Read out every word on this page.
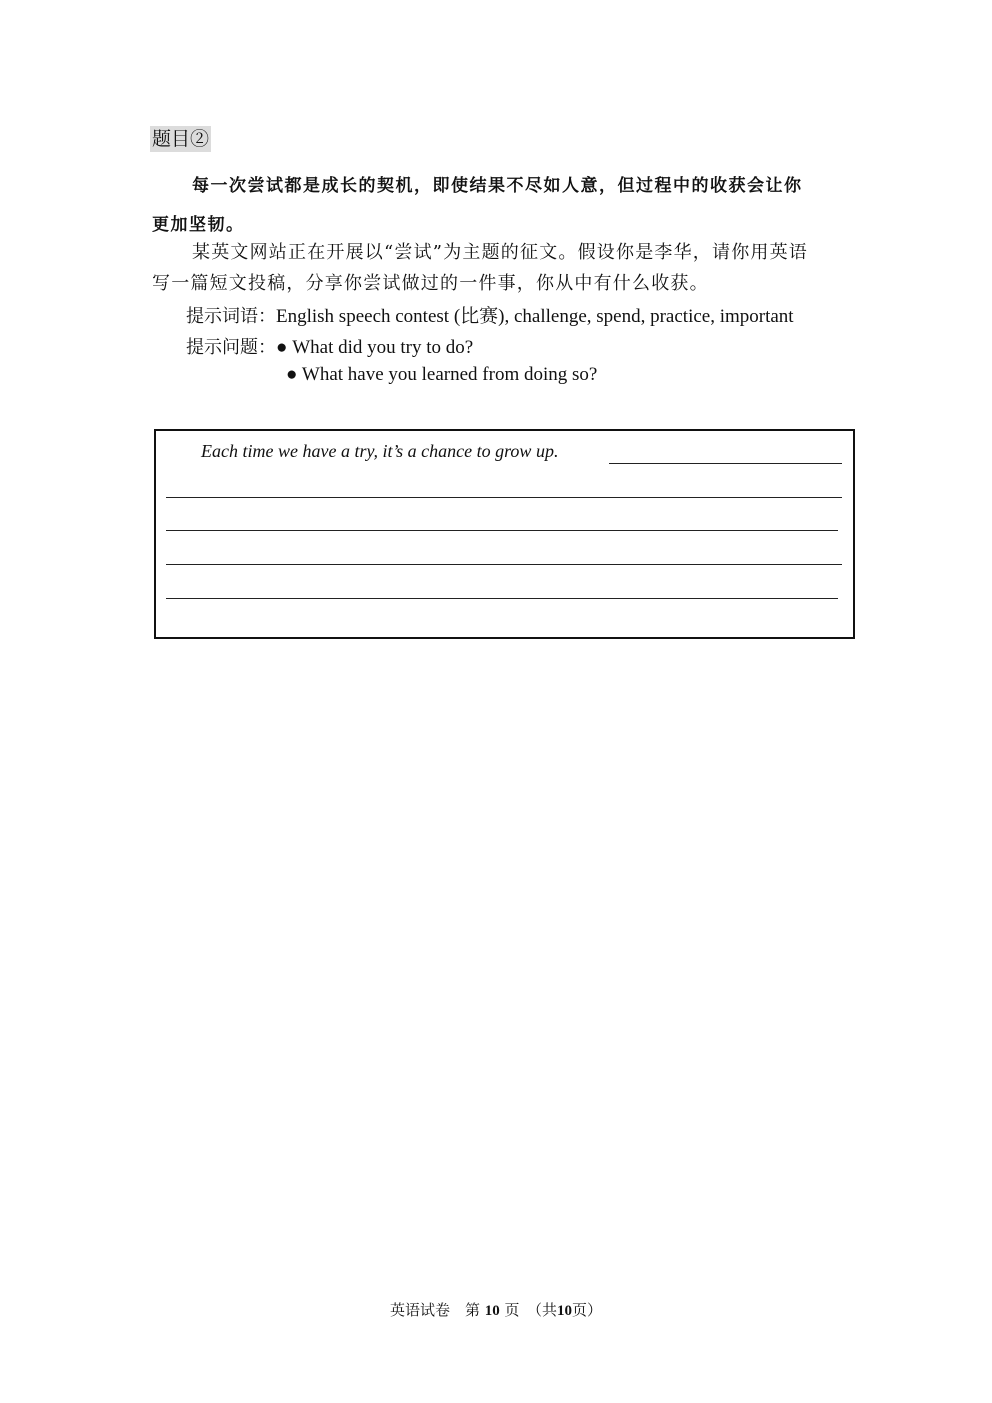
题目②
每一次尝试都是成长的契机，即使结果不尽如人意，但过程中的收获会让你
更加坚韧。
某英文网站正在开展以“尝试”为主题的征文。假设你是李华，请你用英语
写一篇短文投稿，分享你尝试做过的一件事，你从中有什么收获。
提示词语：English speech contest (比赛), challenge, spend, practice, important
提示问题：● What did you try to do?
● What have you learned from doing so?
Each time we have a try, it’s a chance to grow up.
英语试卷　第 10 页　（共10页）
